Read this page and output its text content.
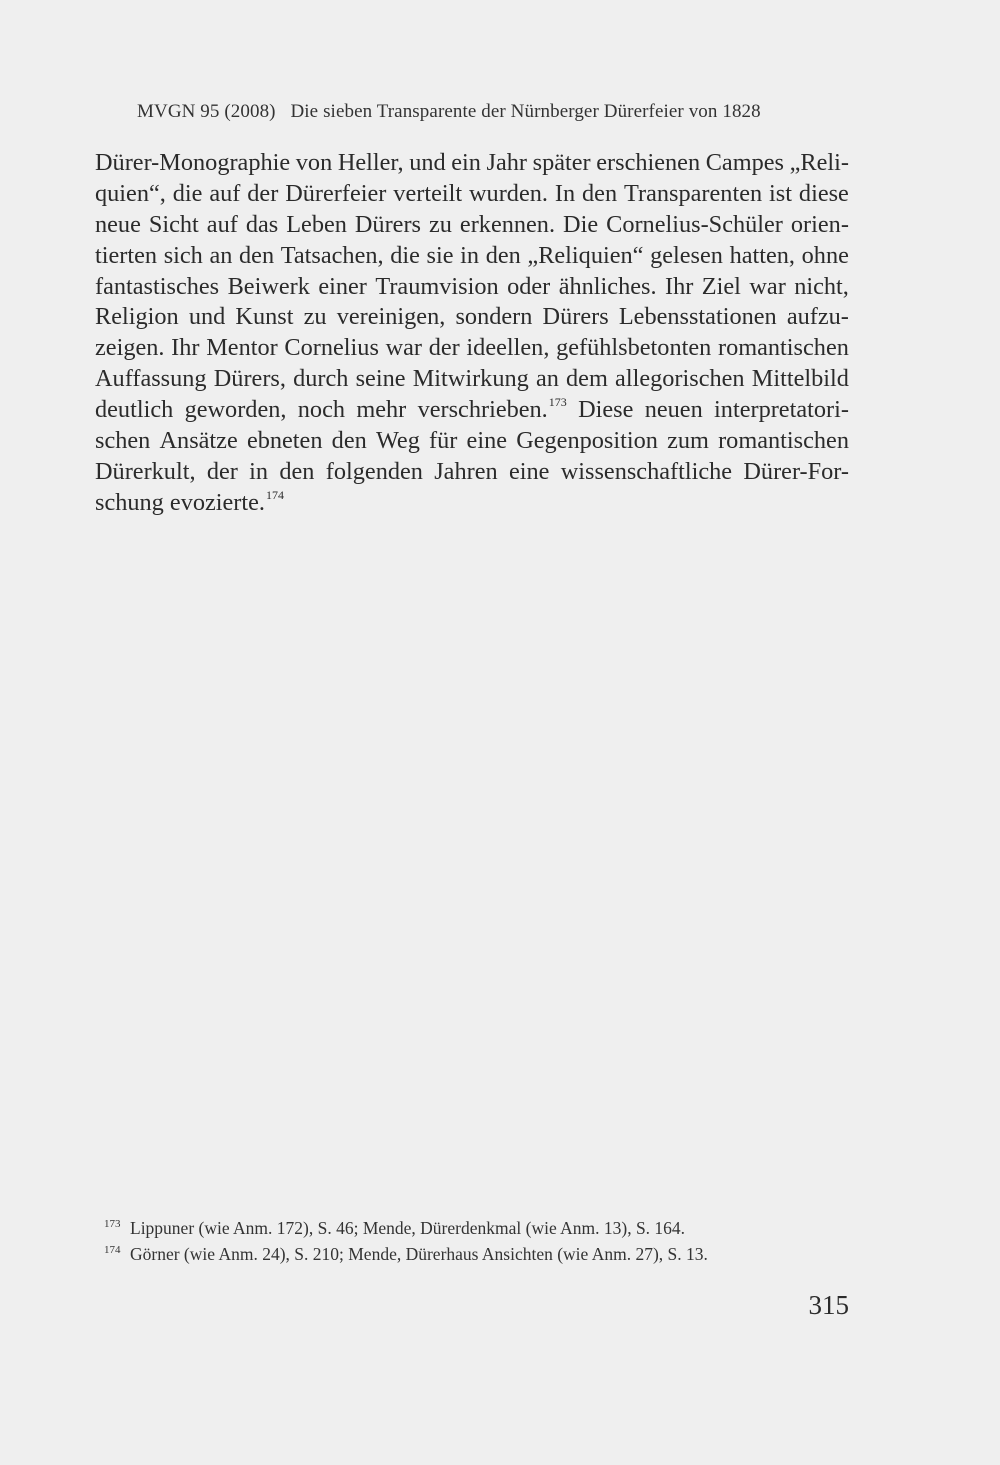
MVGN 95 (2008) Die sieben Transparente der Nürnberger Dürerfeier von 1828
Dürer-Monographie von Heller, und ein Jahr später erschienen Campes „Reli-
quien“, die auf der Dürerfeier verteilt wurden. In den Transparenten ist diese
neue Sicht auf das Leben Dürers zu erkennen. Die Cornelius-Schüler orien-
tierten sich an den Tatsachen, die sie in den „Reliquien“ gelesen hatten, ohne
fantastisches Beiwerk einer Traumvision oder ähnliches. Ihr Ziel war nicht,
Religion und Kunst zu vereinigen, sondern Dürers Lebensstationen aufzu-
zeigen. Ihr Mentor Cornelius war der ideellen, gefühlsbetonten romantischen
Auffassung Dürers, durch seine Mitwirkung an dem allegorischen Mittelbild
deutlich geworden, noch mehr verschrieben.$^{173}$ Diese neuen interpretatori-
schen Ansätze ebneten den Weg für eine Gegenposition zum romantischen
Dürerkult, der in den folgenden Jahren eine wissenschaftliche Dürer-For-
schung evozierte.$^{174}$
173 Lippuner (wie Anm. 172), S. 46; Mende, Dürerdenkmal (wie Anm. 13), S. 164.
174 Görner (wie Anm. 24), S. 210; Mende, Dürerhaus Ansichten (wie Anm. 27), S. 13.
315
